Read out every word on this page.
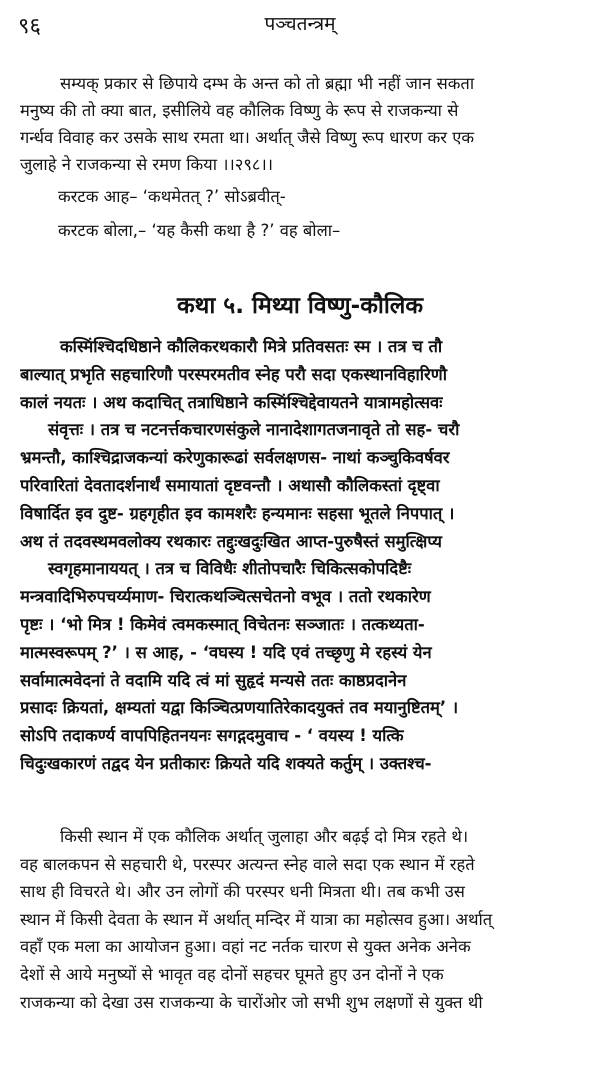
९६	पञ्चतन्त्रम्
सम्यक् प्रकार से छिपाये दम्भ के अन्त को तो ब्रह्मा भी नहीं जान सकता
मनुष्य की तो क्या बात, इसीलिये वह कौलिक विष्णु के रूप से राजकन्या से
गर्न्धव विवाह कर उसके साथ रमता था। अर्थात् जैसे विष्णु रूप धारण कर एक
जुलाहे ने राजकन्या से रमण किया ।।२९८।।
करटक आह– ‘कथमेतत् ?’ सोऽब्रवीत्-
करटक बोला,– ‘यह कैसी कथा है ?’ वह बोला–
कथा ५. मिथ्या विष्णु-कौलिक
कस्मिंश्चिदधिष्ठाने कौलिकरथकारौ मित्रे प्रतिवसतः स्म । तत्र च तौ
बाल्यात् प्रभृति सहचारिणौ परस्परमतीव स्नेह परौ सदा एकस्थानविहारिणौ
कालं नयतः । अथ कदाचित् तत्राधिष्ठाने कस्मिंश्चिद्देवायतने यात्रामहोत्सवः
संवृत्तः । तत्र च नटनर्त्तकचारणसंकुले नानादेशागतजनावृते तो सह- चरौ
भ्रमन्तौ, काश्चिद्राजकन्यां करेणुकारूढां सर्वलक्षणस- नाथां कञ्चुकिवर्षवर
परिवारितां देवतादर्शनार्थं समायातां दृष्टवन्तौ । अथासौ कौलिकस्तां दृष्ट्वा
विषार्दित इव दुष्ट- ग्रहगृहीत इव कामशरैः हन्यमानः सहसा भूतले निपपात् ।
अथ तं तदवस्थमवलोक्य रथकारः तद्दुःखदुःखित आप्त-पुरुषैस्तं समुत्क्षिप्य
स्वगृहमानाययत् । तत्र च विविधैः शीतोपचारैः चिकित्सकोपदिष्टैः
मन्त्रवादिभिरुपचर्य्यमाण- चिरात्कथञ्चित्सचेतनो वभूव । ततो रथकारेण
पृष्टः । ‘भो मित्र ! किमेवं त्वमकस्मात् विचेतनः सञ्जातः । तत्कथ्यता-
मात्मस्वरूपम् ?’ । स आह, - ‘वघस्य ! यदि एवं तच्छृणु मे रहस्यं येन
सर्वामात्मवेदनां ते वदामि यदि त्वं मां सुहृदं मन्यसे ततः काष्ठप्रदानेन
प्रसादः क्रियतां, क्षम्यतां यद्वा किञ्चित्प्रणयातिरेकादयुक्तं तव मयानुष्टितम्’ ।
सोऽपि तदाकर्ण्य वापपिहितनयनः सगद्गदमुवाच - ‘ वयस्य ! यत्कि
चिदुःखकारणं तद्वद येन प्रतीकारः क्रियते यदि शक्यते कर्तुम् । उक्तश्च-
किसी स्थान में एक कौलिक अर्थात् जुलाहा और बढ़ई दो मित्र रहते थे।
वह बालकपन से सहचारी थे, परस्पर अत्यन्त स्नेह वाले सदा एक स्थान में रहते
साथ ही विचरते थे। और उन लोगों की परस्पर धनी मित्रता थी। तब कभी उस
स्थान में किसी देवता के स्थान में अर्थात् मन्दिर में यात्रा का महोत्सव हुआ। अर्थात्
वहाँ एक मला का आयोजन हुआ। वहां नट नर्तक चारण से युक्त अनेक अनेक
देशों से आये मनुष्यों से भावृत वह दोनों सहचर घूमते हुए उन दोनों ने एक
राजकन्या को देखा उस राजकन्या के चारोंओर जो सभी शुभ लक्षणों से युक्त थी
